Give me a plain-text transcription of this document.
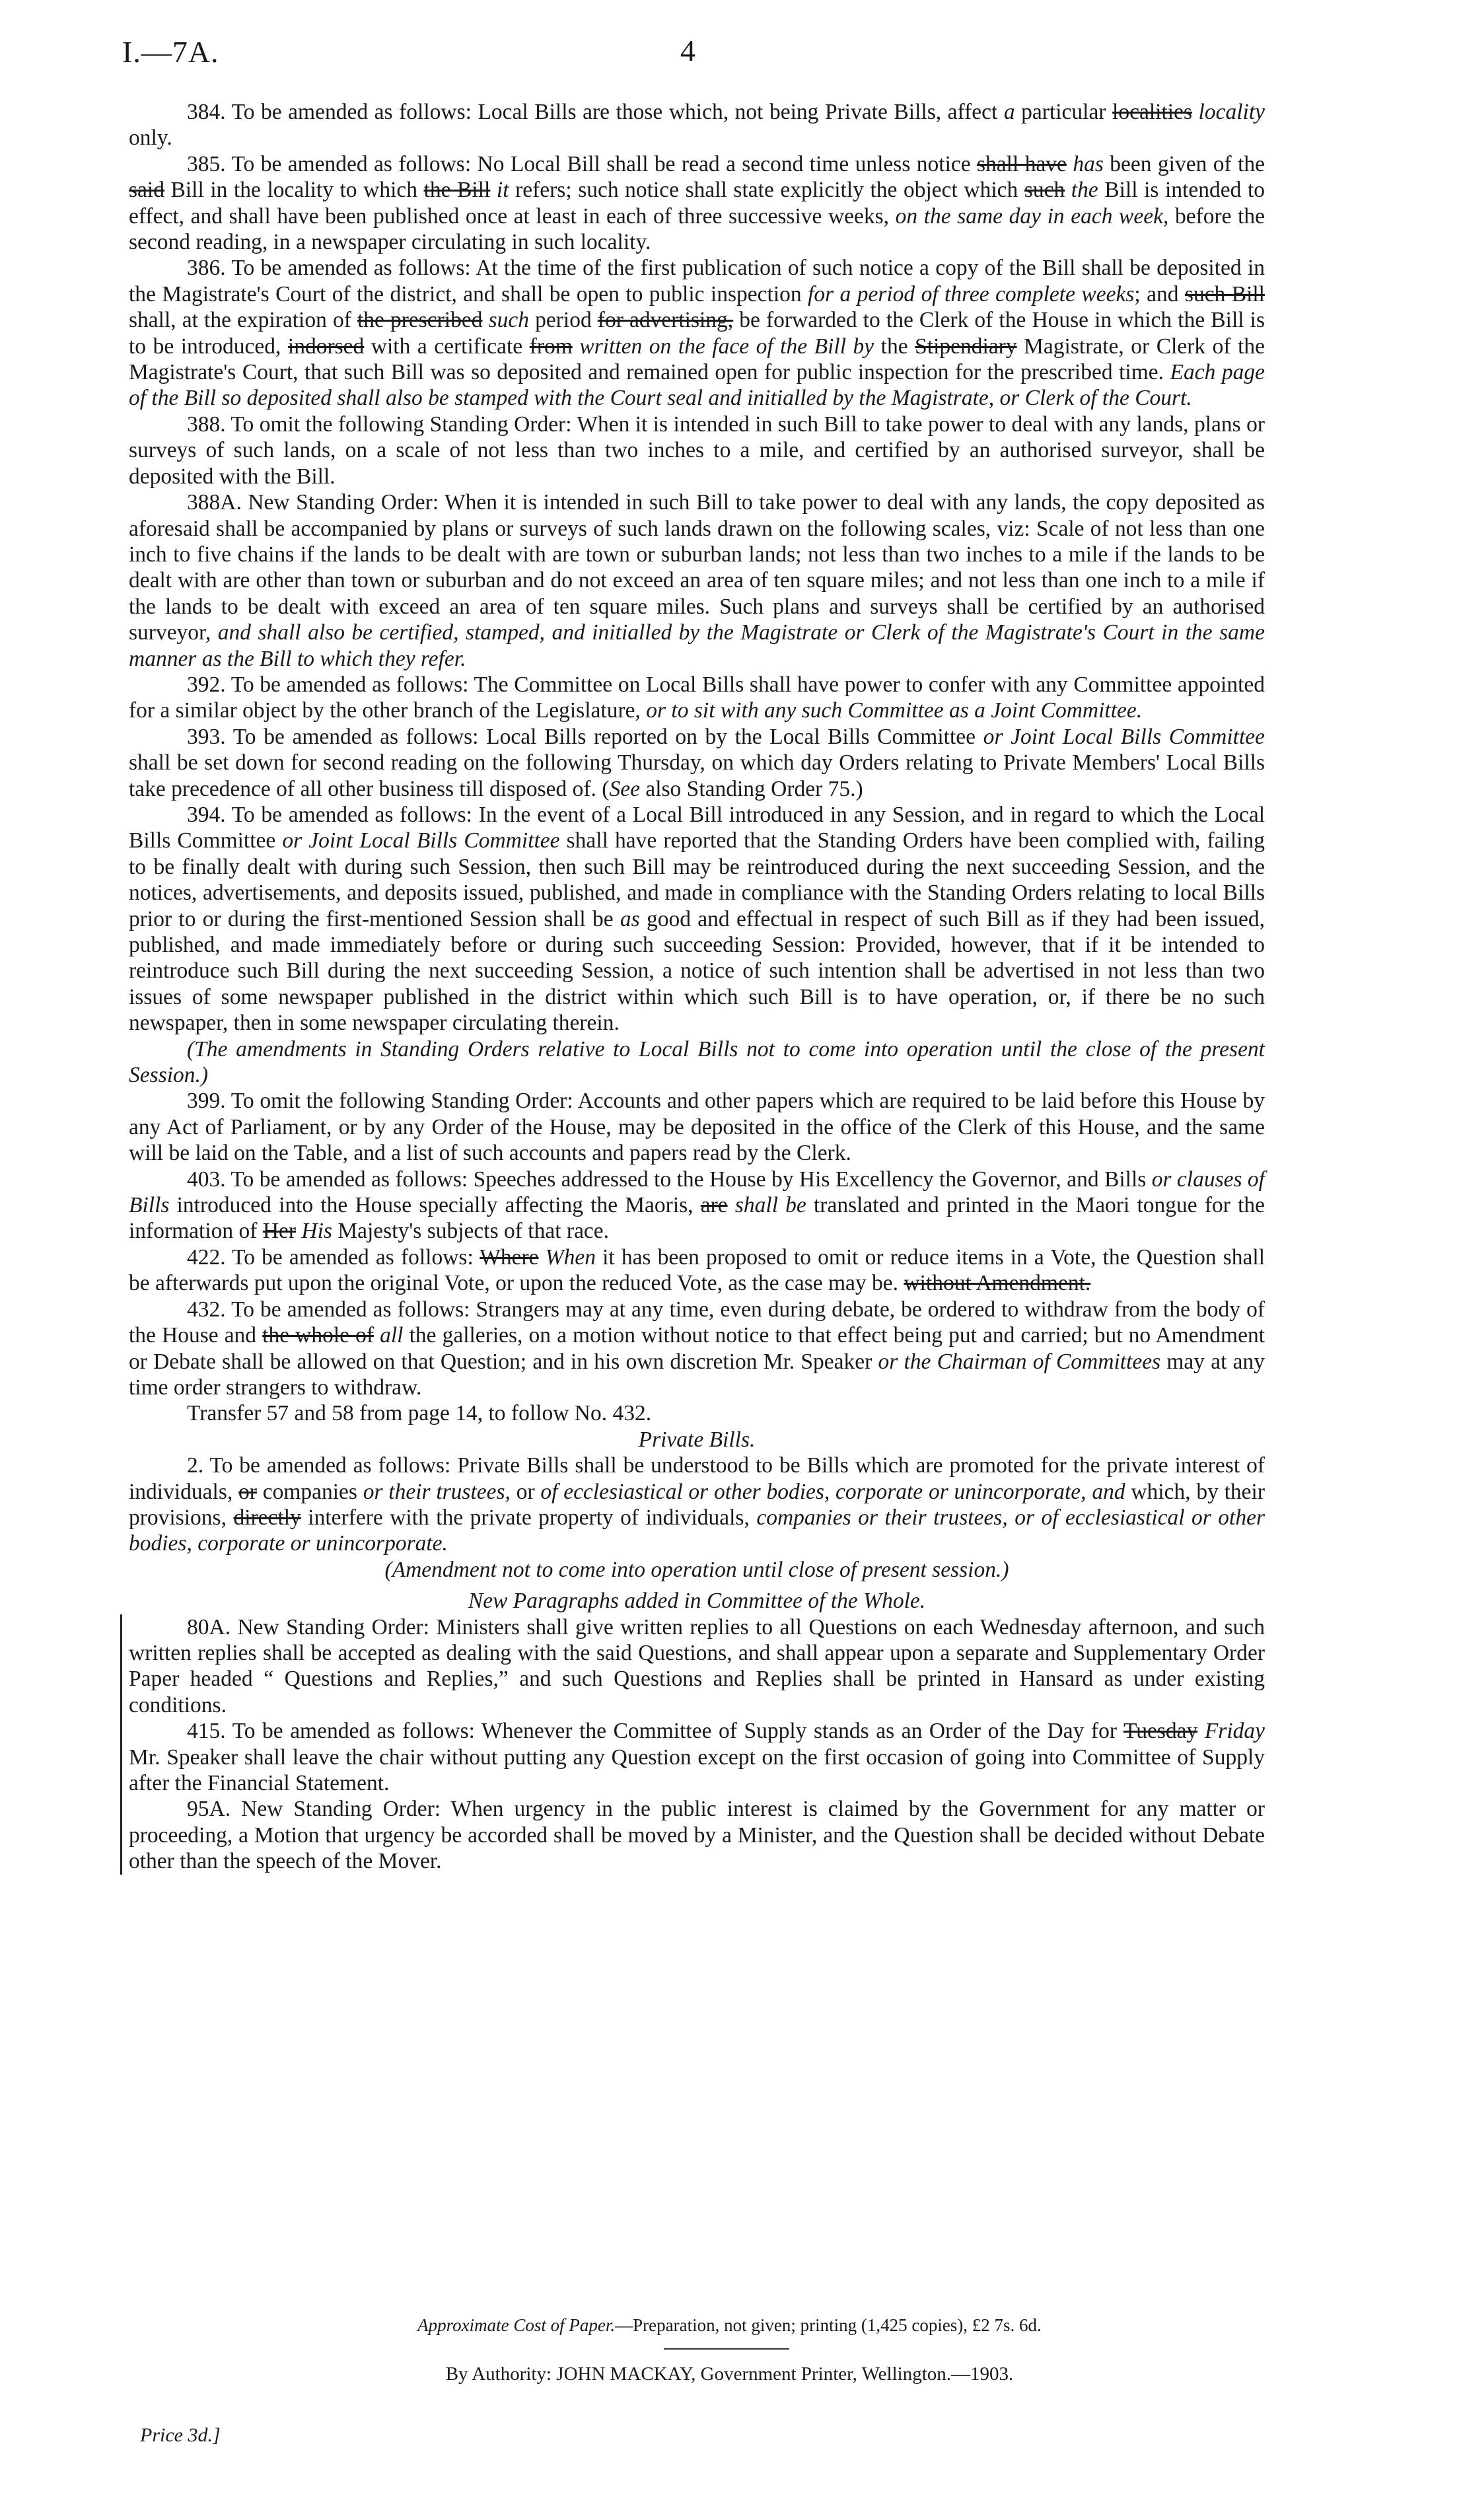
I.—7A.	4

384. To be amended as follows: Local Bills are those which, not being Private Bills, affect a particular localities locality only.

385. To be amended as follows: No Local Bill shall be read a second time unless notice shall have has been given of the said Bill in the locality to which the Bill it refers; such notice shall state explicitly the object which such the Bill is intended to effect, and shall have been published once at least in each of three successive weeks, on the same day in each week, before the second reading, in a newspaper circulating in such locality.

386. To be amended as follows: At the time of the first publication of such notice a copy of the Bill shall be deposited in the Magistrate's Court of the district, and shall be open to public inspection for a period of three complete weeks; and such Bill shall, at the expiration of the prescribed such period for advertising, be forwarded to the Clerk of the House in which the Bill is to be introduced, indorsed with a certificate from written on the face of the Bill by the Stipendiary Magistrate, or Clerk of the Magistrate's Court, that such Bill was so deposited and remained open for public inspection for the prescribed time. Each page of the Bill so deposited shall also be stamped with the Court seal and initialled by the Magistrate, or Clerk of the Court.

388. To omit the following Standing Order: When it is intended in such Bill to take power to deal with any lands, plans or surveys of such lands, on a scale of not less than two inches to a mile, and certified by an authorised surveyor, shall be deposited with the Bill.

388A. New Standing Order: When it is intended in such Bill to take power to deal with any lands, the copy deposited as aforesaid shall be accompanied by plans or surveys of such lands drawn on the following scales, viz: Scale of not less than one inch to five chains if the lands to be dealt with are town or suburban lands; not less than two inches to a mile if the lands to be dealt with are other than town or suburban and do not exceed an area of ten square miles; and not less than one inch to a mile if the lands to be dealt with exceed an area of ten square miles. Such plans and surveys shall be certified by an authorised surveyor, and shall also be certified, stamped, and initialled by the Magistrate or Clerk of the Magistrate's Court in the same manner as the Bill to which they refer.

392. To be amended as follows: The Committee on Local Bills shall have power to confer with any Committee appointed for a similar object by the other branch of the Legislature, or to sit with any such Committee as a Joint Committee.

393. To be amended as follows: Local Bills reported on by the Local Bills Committee or Joint Local Bills Committee shall be set down for second reading on the following Thursday, on which day Orders relating to Private Members' Local Bills take precedence of all other business till disposed of. (See also Standing Order 75.)

394. To be amended as follows: In the event of a Local Bill introduced in any Session, and in regard to which the Local Bills Committee or Joint Local Bills Committee shall have reported that the Standing Orders have been complied with, failing to be finally dealt with during such Session, then such Bill may be reintroduced during the next succeeding Session, and the notices, advertisements, and deposits issued, published, and made in compliance with the Standing Orders relating to local Bills prior to or during the first-mentioned Session shall be as good and effectual in respect of such Bill as if they had been issued, published, and made immediately before or during such succeeding Session: Provided, however, that if it be intended to reintroduce such Bill during the next succeeding Session, a notice of such intention shall be advertised in not less than two issues of some newspaper published in the district within which such Bill is to have operation, or, if there be no such newspaper, then in some newspaper circulating therein.

(The amendments in Standing Orders relative to Local Bills not to come into operation until the close of the present Session.)

399. To omit the following Standing Order: Accounts and other papers which are required to be laid before this House by any Act of Parliament, or by any Order of the House, may be deposited in the office of the Clerk of this House, and the same will be laid on the Table, and a list of such accounts and papers read by the Clerk.

403. To be amended as follows: Speeches addressed to the House by His Excellency the Governor, and Bills or clauses of Bills introduced into the House specially affecting the Maoris, are shall be translated and printed in the Maori tongue for the information of Her His Majesty's subjects of that race.

422. To be amended as follows: Where When it has been proposed to omit or reduce items in a Vote, the Question shall be afterwards put upon the original Vote, or upon the reduced Vote, as the case may be. without Amendment.

432. To be amended as follows: Strangers may at any time, even during debate, be ordered to withdraw from the body of the House and the whole of all the galleries, on a motion without notice to that effect being put and carried; but no Amendment or Debate shall be allowed on that Question; and in his own discretion Mr. Speaker or the Chairman of Committees may at any time order strangers to withdraw.

Transfer 57 and 58 from page 14, to follow No. 432.

Private Bills.

2. To be amended as follows: Private Bills shall be understood to be Bills which are promoted for the private interest of individuals, or companies or their trustees, or of ecclesiastical or other bodies, corporate or unincorporate, and which, by their provisions, directly interfere with the private property of individuals, companies or their trustees, or of ecclesiastical or other bodies, corporate or unincorporate.

(Amendment not to come into operation until close of present session.)

New Paragraphs added in Committee of the Whole.

80A. New Standing Order: Ministers shall give written replies to all Questions on each Wednesday afternoon, and such written replies shall be accepted as dealing with the said Questions, and shall appear upon a separate and Supplementary Order Paper headed “ Questions and Replies,” and such Questions and Replies shall be printed in Hansard as under existing conditions.

415. To be amended as follows: Whenever the Committee of Supply stands as an Order of the Day for Tuesday Friday Mr. Speaker shall leave the chair without putting any Question except on the first occasion of going into Committee of Supply after the Financial Statement.

95A. New Standing Order: When urgency in the public interest is claimed by the Government for any matter or proceeding, a Motion that urgency be accorded shall be moved by a Minister, and the Question shall be decided without Debate other than the speech of the Mover.

Approximate Cost of Paper.—Preparation, not given; printing (1,425 copies), £2 7s. 6d.
By Authority: JOHN MACKAY, Government Printer, Wellington.—1903.
Price 3d.]
